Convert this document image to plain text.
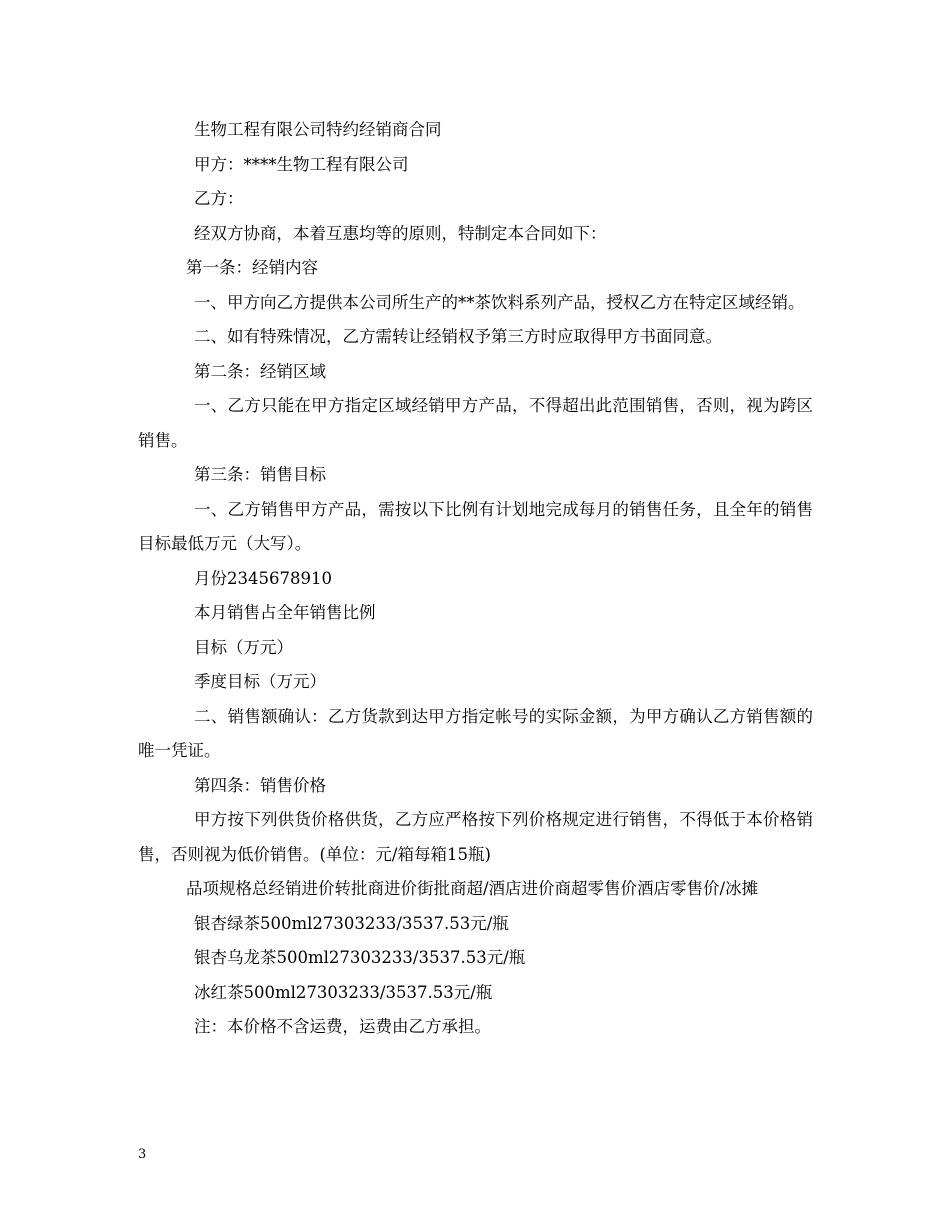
生物工程有限公司特约经销商合同

甲方：****生物工程有限公司

乙方：

经双方协商，本着互惠均等的原则，特制定本合同如下：

第一条：经销内容

一、甲方向乙方提供本公司所生产的**茶饮料系列产品，授权乙方在特定区域经销。

二、如有特殊情况，乙方需转让经销权予第三方时应取得甲方书面同意。

第二条：经销区域

一、乙方只能在甲方指定区域经销甲方产品，不得超出此范围销售，否则，视为跨区销售。

第三条：销售目标

一、乙方销售甲方产品，需按以下比例有计划地完成每月的销售任务，且全年的销售目标最低万元（大写）。

月份2345678910

本月销售占全年销售比例

目标（万元）

季度目标（万元）

二、销售额确认：乙方货款到达甲方指定帐号的实际金额，为甲方确认乙方销售额的唯一凭证。

第四条：销售价格

甲方按下列供货价格供货，乙方应严格按下列价格规定进行销售，不得低于本价格销售，否则视为低价销售。(单位：元/箱每箱15瓶)

品项规格总经销进价转批商进价街批商超/酒店进价商超零售价酒店零售价/冰摊

银杏绿茶500ml27303233/3537.53元/瓶

银杏乌龙茶500ml27303233/3537.53元/瓶

冰红茶500ml27303233/3537.53元/瓶

注：本价格不含运费，运费由乙方承担。

3
